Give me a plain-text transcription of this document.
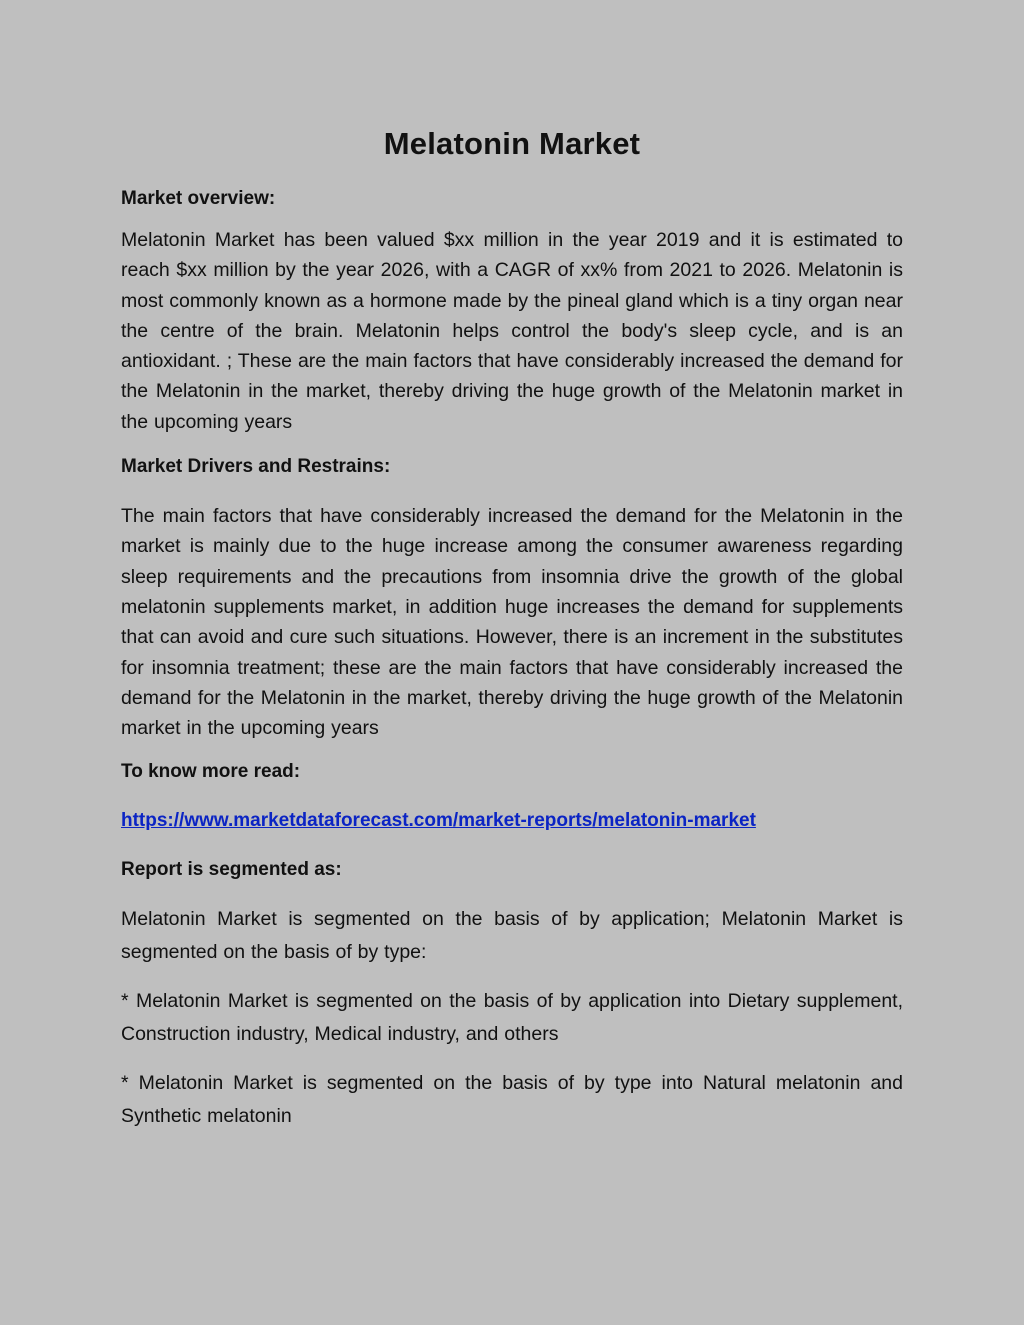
Melatonin Market
Market overview:

Melatonin Market has been valued $xx million in the year 2019 and it is estimated to reach $xx million by the year 2026, with a CAGR of xx% from 2021 to 2026. Melatonin is most commonly known as a hormone made by the pineal gland which is a tiny organ near the centre of the brain. Melatonin helps control the body's sleep cycle, and is an antioxidant. ; These are the main factors that have considerably increased the demand for the Melatonin in the market, thereby driving the huge growth of the Melatonin market in the upcoming years

Market Drivers and Restrains:

The main factors that have considerably increased the demand for the Melatonin in the market is mainly due to the huge increase among the consumer awareness regarding sleep requirements and the precautions from insomnia drive the growth of the global melatonin supplements market, in addition huge increases the demand for supplements that can avoid and cure such situations. However, there is an increment in the substitutes for insomnia treatment; these are the main factors that have considerably increased the demand for the Melatonin in the market, thereby driving the huge growth of the Melatonin market in the upcoming years

To know more read:
https://www.marketdataforecast.com/market-reports/melatonin-market
Report is segmented as:

Melatonin Market is segmented on the basis of by application; Melatonin Market is segmented on the basis of by type:

* Melatonin Market is segmented on the basis of by application into Dietary supplement, Construction industry, Medical industry, and others

* Melatonin Market is segmented on the basis of by type into Natural melatonin and Synthetic melatonin
